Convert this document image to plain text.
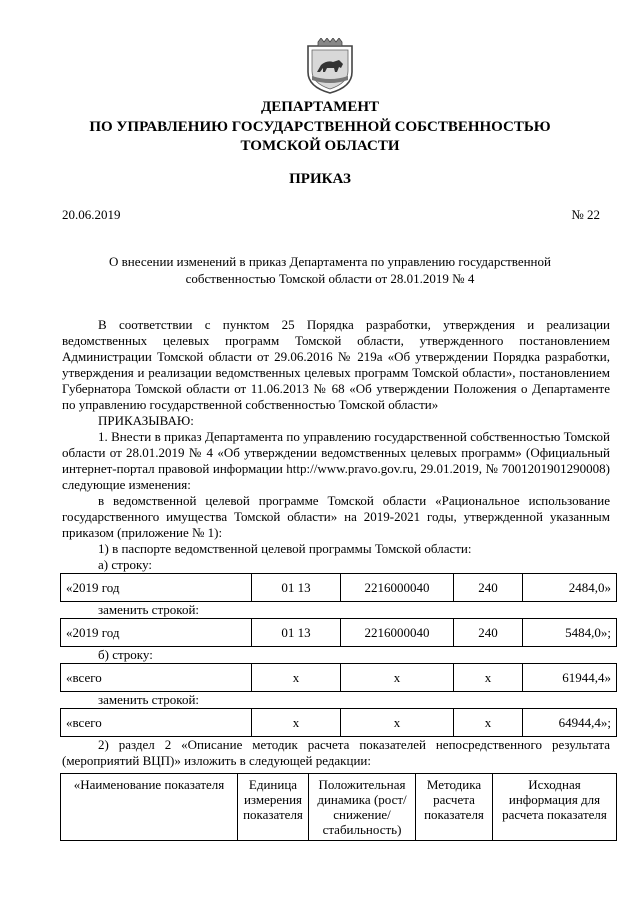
ДЕПАРТАМЕНТ
ПО УПРАВЛЕНИЮ ГОСУДАРСТВЕННОЙ СОБСТВЕННОСТЬЮ
ТОМСКОЙ ОБЛАСТИ
ПРИКАЗ
20.06.2019	№ 22
О внесении изменений в приказ Департамента по управлению государственной
собственностью Томской области от 28.01.2019 № 4

В соответствии с пунктом 25 Порядка разработки, утверждения и реализации ведомственных целевых программ Томской области, утвержденного постановлением Администрации Томской области от 29.06.2016 № 219а «Об утверждении Порядка разработки, утверждения и реализации ведомственных целевых программ Томской области», постановлением Губернатора Томской области от 11.06.2013 № 68 «Об утверждении Положения о Департаменте по управлению государственной собственностью Томской области»

ПРИКАЗЫВАЮ:

1. Внести в приказ Департамента по управлению государственной собственностью Томской области от 28.01.2019 № 4 «Об утверждении ведомственных целевых программ» (Официальный интернет-портал правовой информации http://www.pravo.gov.ru, 29.01.2019, № 7001201901290008) следующие изменения:

в ведомственной целевой программе Томской области «Рациональное использование государственного имущества Томской области» на 2019-2021 годы, утвержденной указанным приказом (приложение № 1):

1) в паспорте ведомственной целевой программы Томской области:

а) строку:

«2019 год	01 13	2216000040	240	2484,0»

заменить строкой:

«2019 год	01 13	2216000040	240	5484,0»;

б) строку:

«всего	x	x	x	61944,4»

заменить строкой:

«всего	x	x	x	64944,4»;

2) раздел 2 «Описание методик расчета показателей непосредственного результата (мероприятий ВЦП)» изложить в следующей редакции:

«Наименование показателя	Единица измерения показателя	Положительная динамика (рост/снижение/ стабильность)	Методика расчета показателя	Исходная информация для расчета показателя
